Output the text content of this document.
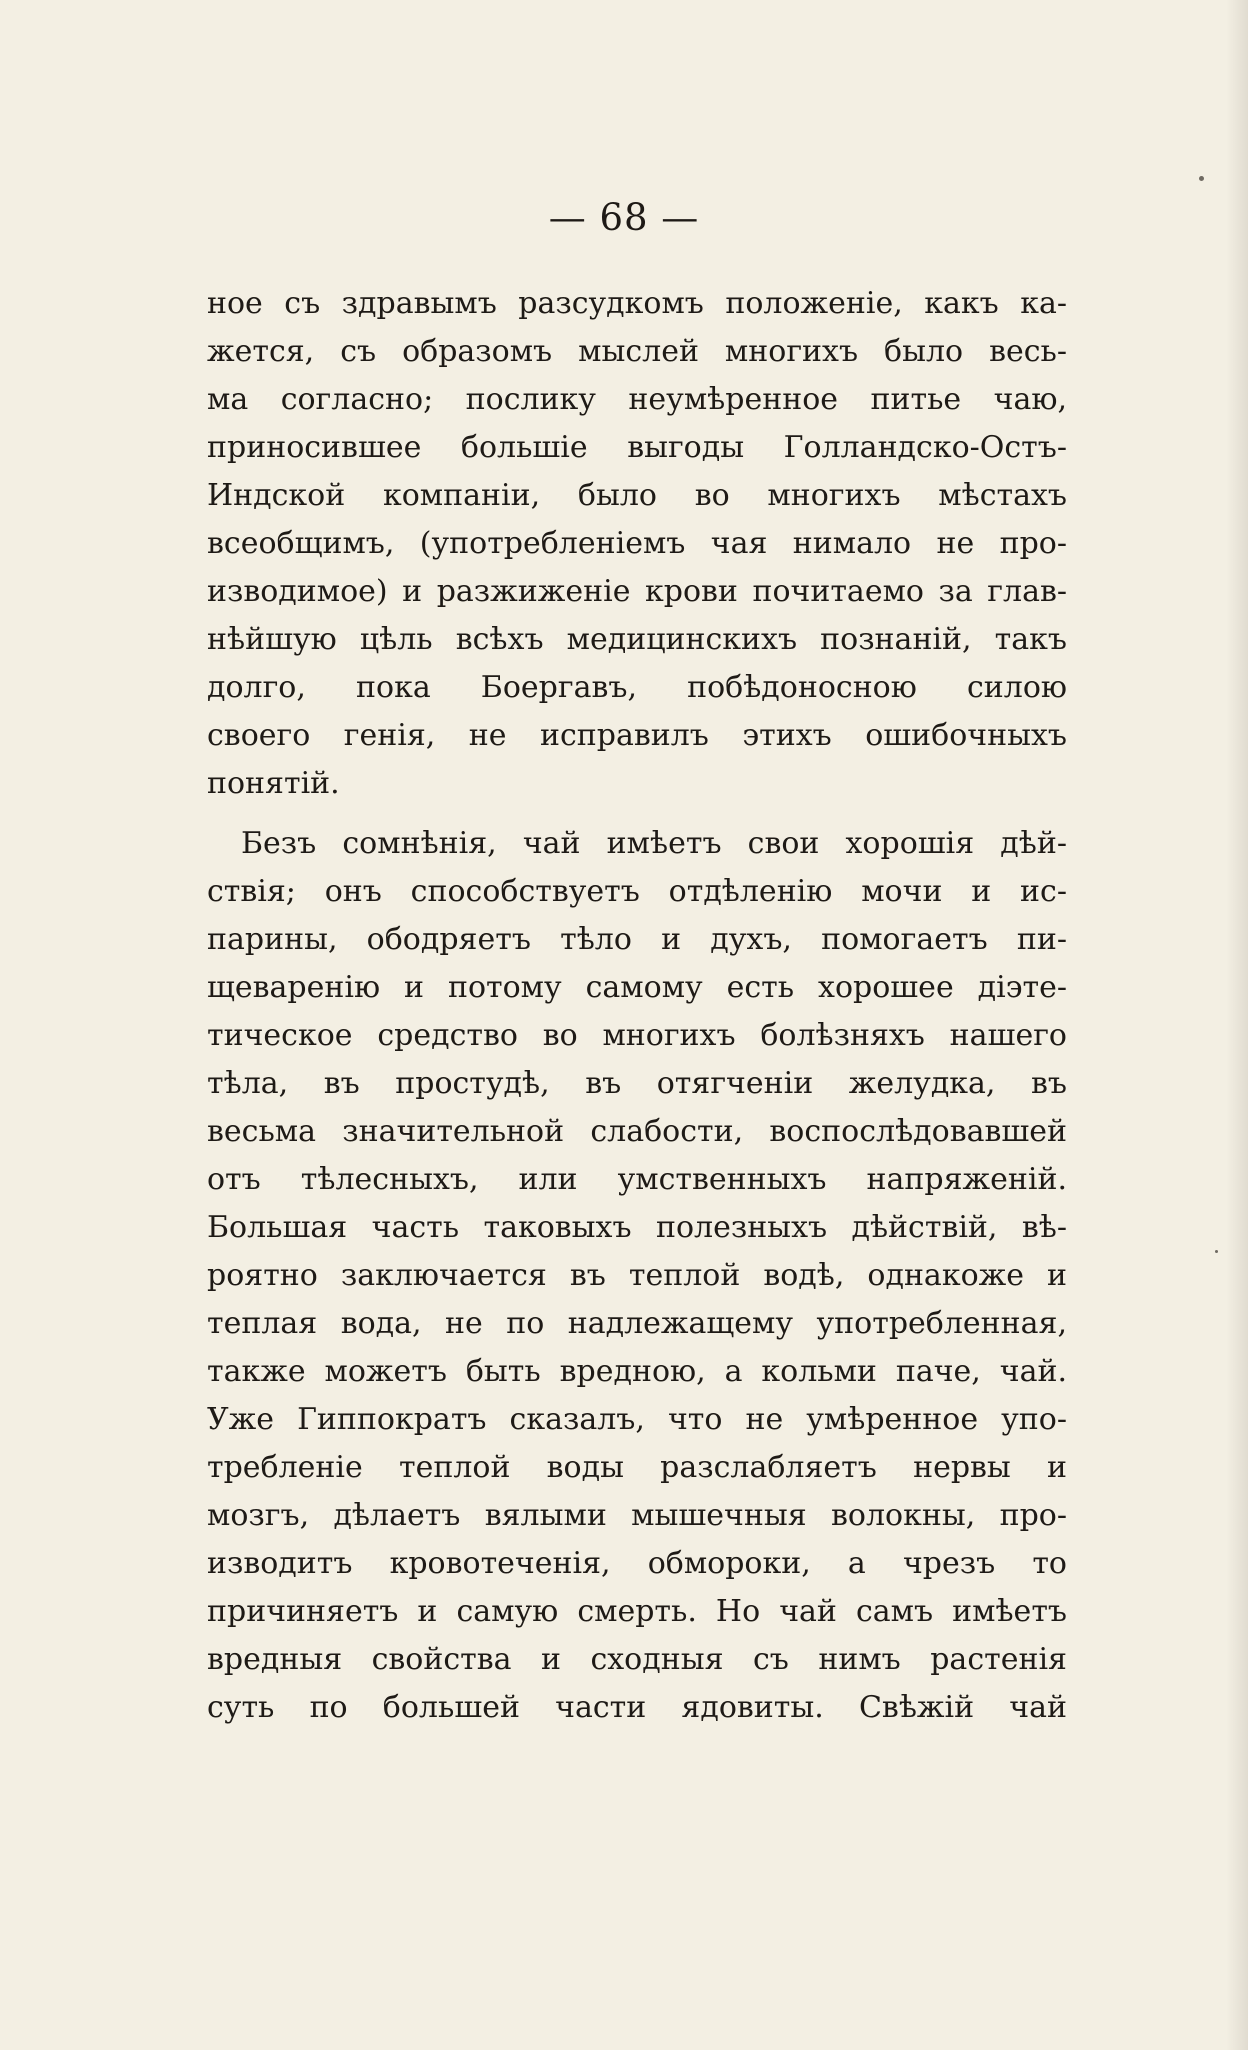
— 68 —
ное съ здравымъ разсудкомъ положеніе, какъ ка-
жется, съ образомъ мыслей многихъ было весь-
ма согласно; послику неумѣренное питье чаю,
приносившее большіе выгоды Голландско-Остъ-
Индской компаніи, было во многихъ мѣстахъ
всеобщимъ, (употребленіемъ чая нимало не про-
изводимое) и разжиженіе крови почитаемо за глав-
нѣйшую цѣль всѣхъ медицинскихъ познаній, такъ
долго, пока Боергавъ, побѣдоносною силою
своего генія, не исправилъ этихъ ошибочныхъ
понятій.
Безъ сомнѣнія, чай имѣетъ свои хорошія дѣй-
ствія; онъ способствуетъ отдѣленію мочи и ис-
парины, ободряетъ тѣло и духъ, помогаетъ пи-
щеваренію и потому самому есть хорошее діэте-
тическое средство во многихъ болѣзняхъ нашего
тѣла, въ простудѣ, въ отягченіи желудка, въ
весьма значительной слабости, воспослѣдовавшей
отъ тѣлесныхъ, или умственныхъ напряженій.
Большая часть таковыхъ полезныхъ дѣйствій, вѣ-
роятно заключается въ теплой водѣ, однакожe и
теплая вода, не по надлежащему употребленная,
также можетъ быть вредною, а кольми паче, чай.
Уже Гиппократъ сказалъ, что не умѣренное упо-
требленіе теплой воды разслабляетъ нервы и
мозгъ, дѣлаетъ вялыми мышечныя волокны, про-
изводитъ кровотеченія, обмороки, а чрезъ то
причиняетъ и самую смерть. Но чай самъ имѣетъ
вредныя свойства и сходныя съ нимъ растенія
суть по большей части ядовиты. Свѣжій чай
